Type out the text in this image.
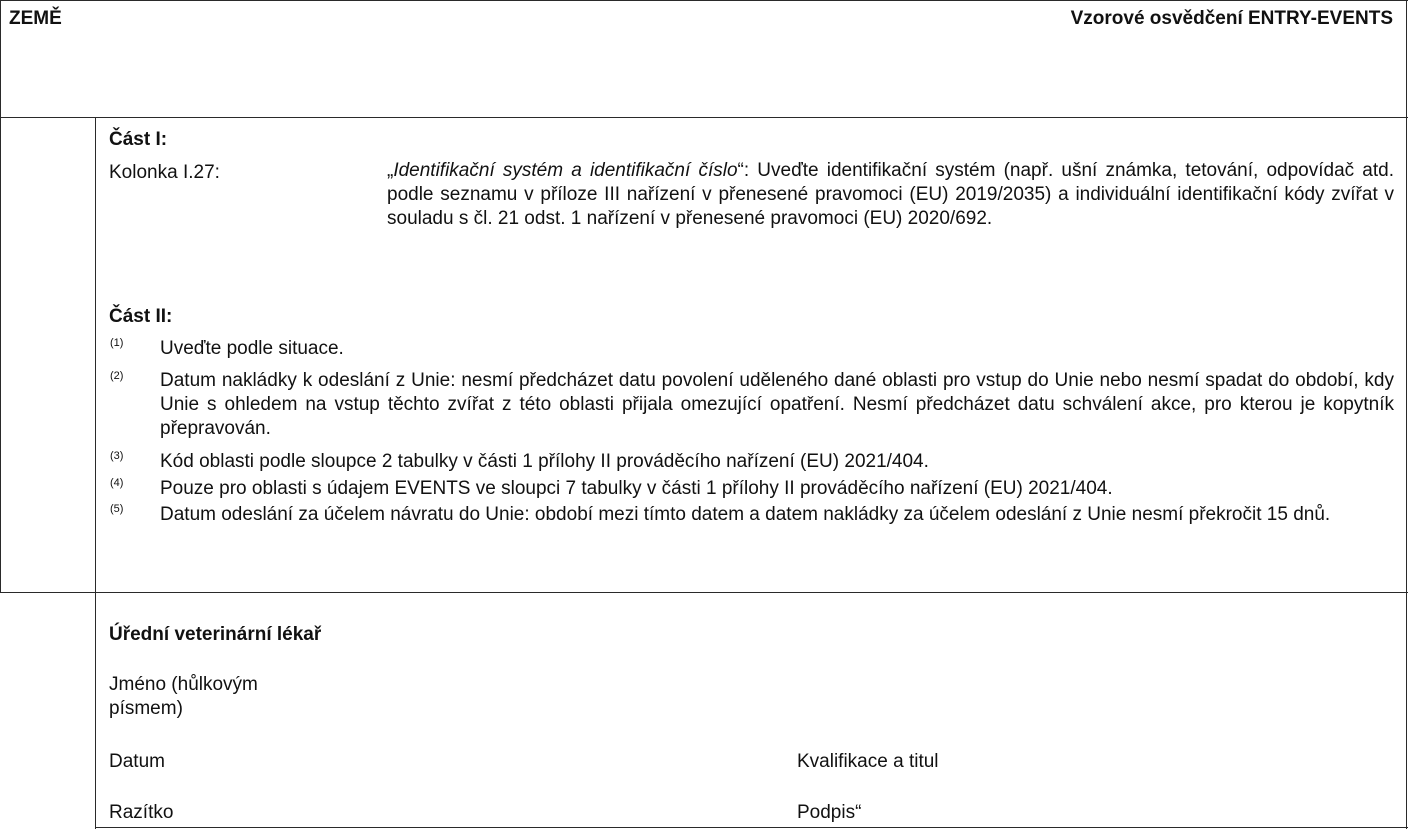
ZEMĚ	Vzorové osvědčení ENTRY-EVENTS
Část I:
Kolonka I.27:	„Identifikační systém a identifikační číslo“: Uveďte identifikační systém (např. ušní známka, tetování, odpovídač atd. podle seznamu v příloze III nařízení v přenesené pravomoci (EU) 2019/2035) a individuální identifikační kódy zvířat v souladu s čl. 21 odst. 1 nařízení v přenesené pravomoci (EU) 2020/692.
Část II:
(1) Uveďte podle situace.
(2) Datum nakládky k odeslání z Unie: nesmí předcházet datu povolení uděleného dané oblasti pro vstup do Unie nebo nesmí spadat do období, kdy Unie s ohledem na vstup těchto zvířat z této oblasti přijala omezující opatření. Nesmí předcházet datu schválení akce, pro kterou je kopytník přepravován.
(3) Kód oblasti podle sloupce 2 tabulky v části 1 přílohy II prováděcího nařízení (EU) 2021/404.
(4) Pouze pro oblasti s údajem EVENTS ve sloupci 7 tabulky v části 1 přílohy II prováděcího nařízení (EU) 2021/404.
(5) Datum odeslání za účelem návratu do Unie: období mezi tímto datem a datem nakládky za účelem odeslání z Unie nesmí překročit 15 dnů.
Úřední veterinární lékař
Jméno (hůlkovým
písmem)
Datum	Kvalifikace a titul
Razítko	Podpis“
